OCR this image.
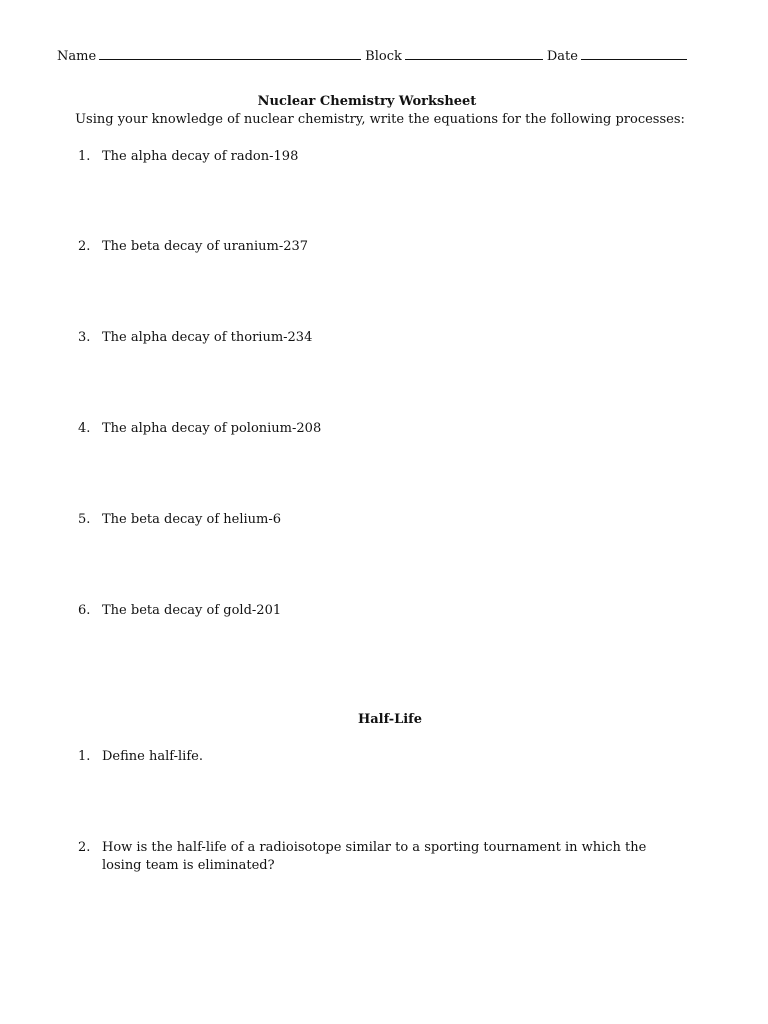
Name	Block	Date
Nuclear Chemistry Worksheet
Using your knowledge of nuclear chemistry, write the equations for the following processes:
1. The alpha decay of radon-198
2. The beta decay of uranium-237
3. The alpha decay of thorium-234
4. The alpha decay of polonium-208
5. The beta decay of helium-6
6. The beta decay of gold-201
Half-Life
1. Define half-life.
2. How is the half-life of a radioisotope similar to a sporting tournament in which the losing team is eliminated?
